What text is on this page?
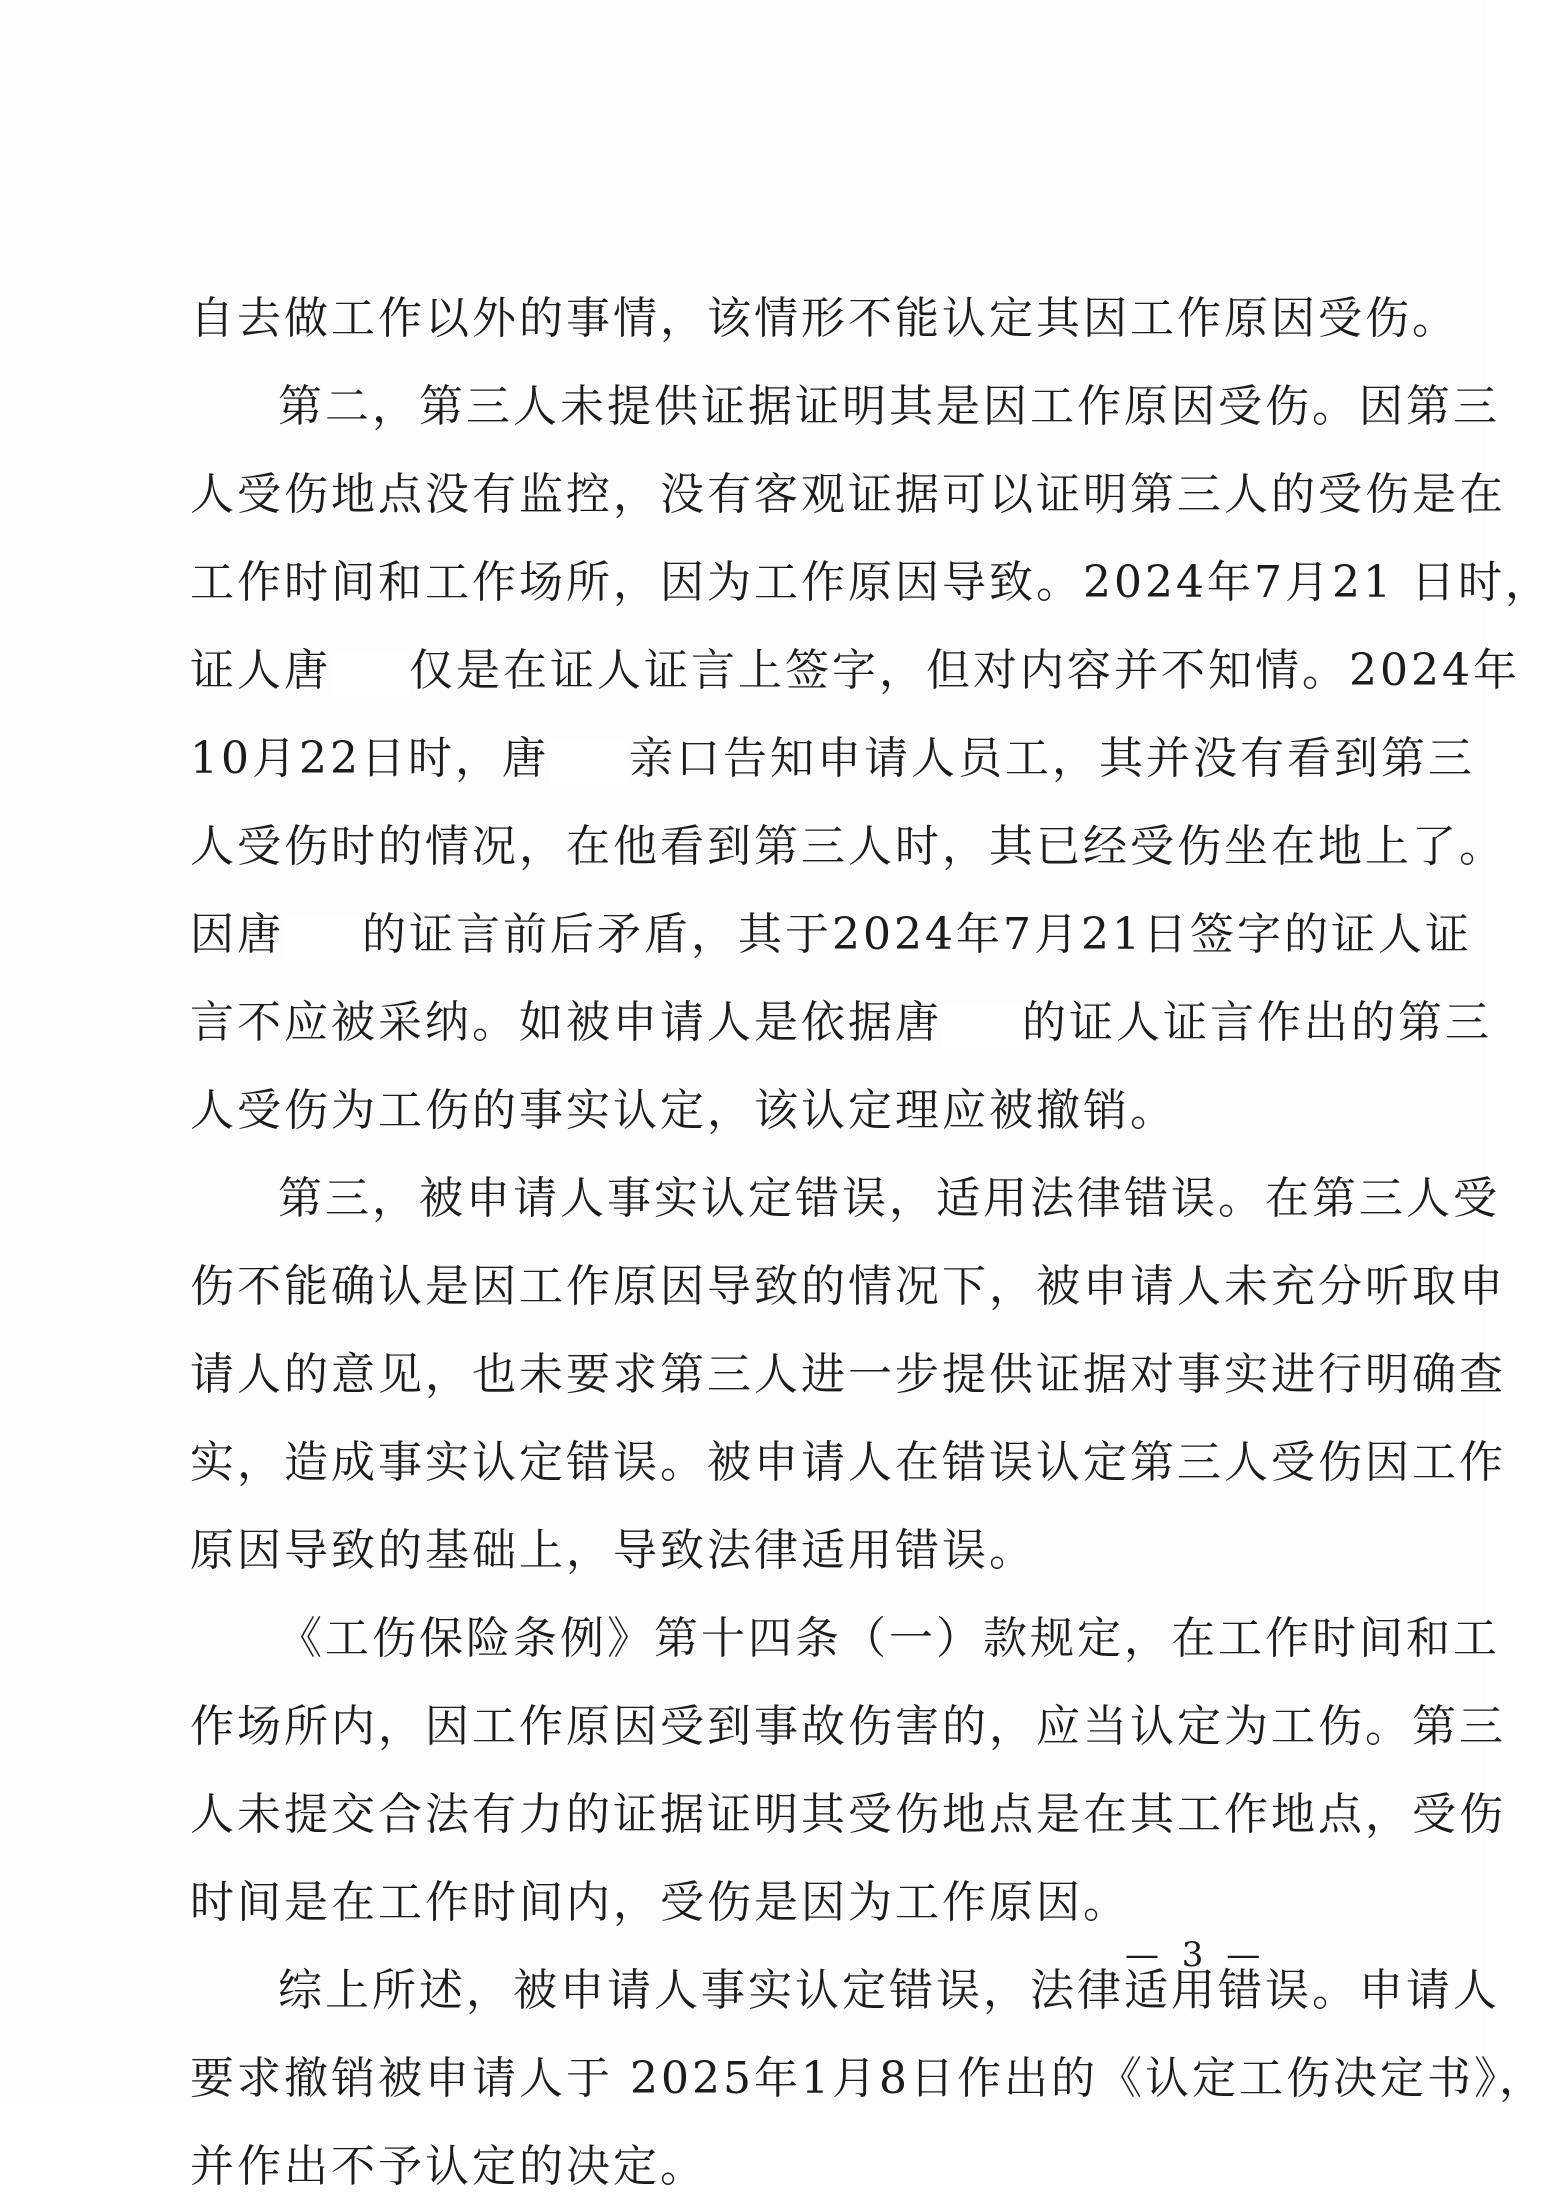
自去做工作以外的事情，该情形不能认定其因工作原因受伤。
第二，第三人未提供证据证明其是因工作原因受伤。因第三
人受伤地点没有监控，没有客观证据可以证明第三人的受伤是在
工作时间和工作场所，因为工作原因导致。2024年7月21 日时，
证人唐 仅是在证人证言上签字，但对内容并不知情。2024年
10月22日时，唐 亲口告知申请人员工，其并没有看到第三
人受伤时的情况，在他看到第三人时，其已经受伤坐在地上了。
因唐 的证言前后矛盾，其于2024年7月21日签字的证人证
言不应被采纳。如被申请人是依据唐 的证人证言作出的第三
人受伤为工伤的事实认定，该认定理应被撤销。
第三，被申请人事实认定错误，适用法律错误。在第三人受
伤不能确认是因工作原因导致的情况下，被申请人未充分听取申
请人的意见，也未要求第三人进一步提供证据对事实进行明确查
实，造成事实认定错误。被申请人在错误认定第三人受伤因工作
原因导致的基础上，导致法律适用错误。
《工伤保险条例》第十四条（一）款规定，在工作时间和工
作场所内，因工作原因受到事故伤害的，应当认定为工伤。第三
人未提交合法有力的证据证明其受伤地点是在其工作地点，受伤
时间是在工作时间内，受伤是因为工作原因。
综上所述，被申请人事实认定错误，法律适用错误。申请人
要求撤销被申请人于 2025年1月8日作出的《认定工伤决定书》，
并作出不予认定的决定。
— 3 —
